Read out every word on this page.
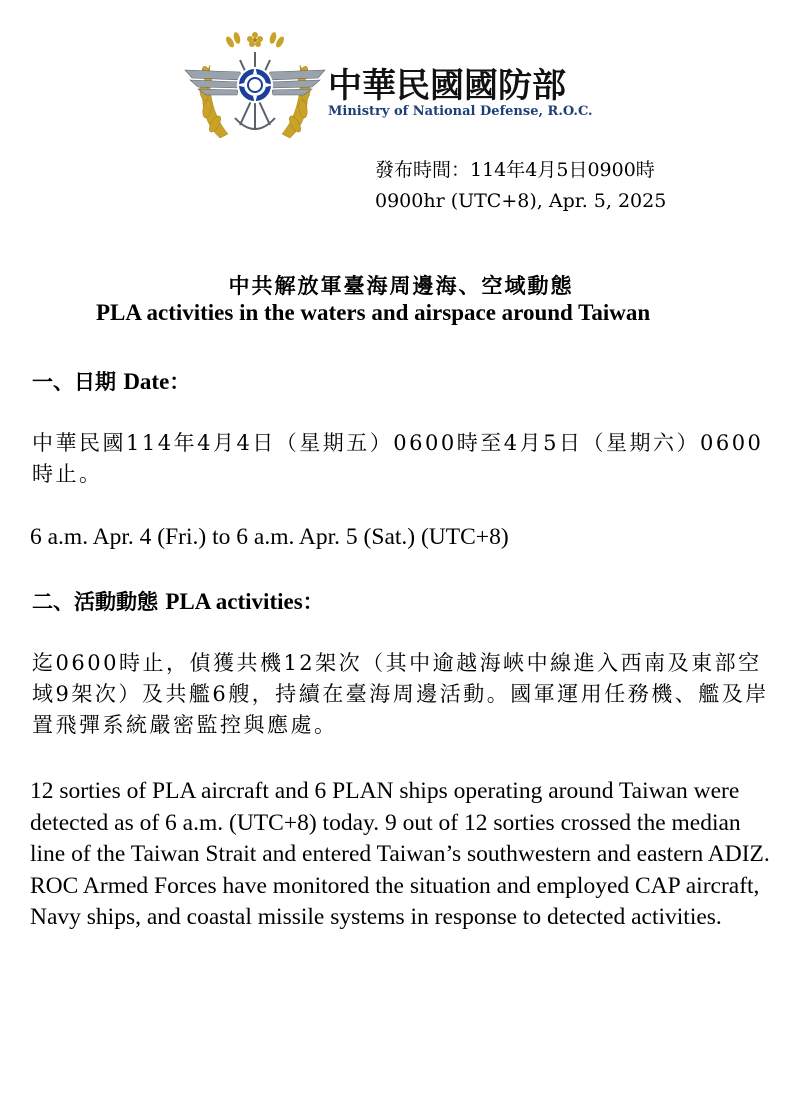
中華民國國防部
Ministry of National Defense, R.O.C.
發布時間：114年4月5日0900時
0900hr (UTC+8), Apr. 5, 2025
中共解放軍臺海周邊海、空域動態
PLA activities in the waters and airspace around Taiwan
一、日期 Date：
中華民國114年4月4日（星期五）0600時至4月5日（星期六）0600時止。
6 a.m. Apr. 4 (Fri.) to 6 a.m. Apr. 5 (Sat.) (UTC+8)
二、活動動態 PLA activities：
迄0600時止，偵獲共機12架次（其中逾越海峽中線進入西南及東部空域9架次）及共艦6艘，持續在臺海周邊活動。國軍運用任務機、艦及岸置飛彈系統嚴密監控與應處。
12 sorties of PLA aircraft and 6 PLAN ships operating around Taiwan were detected as of 6 a.m. (UTC+8) today. 9 out of 12 sorties crossed the median line of the Taiwan Strait and entered Taiwan’s southwestern and eastern ADIZ. ROC Armed Forces have monitored the situation and employed CAP aircraft, Navy ships, and coastal missile systems in response to detected activities.
